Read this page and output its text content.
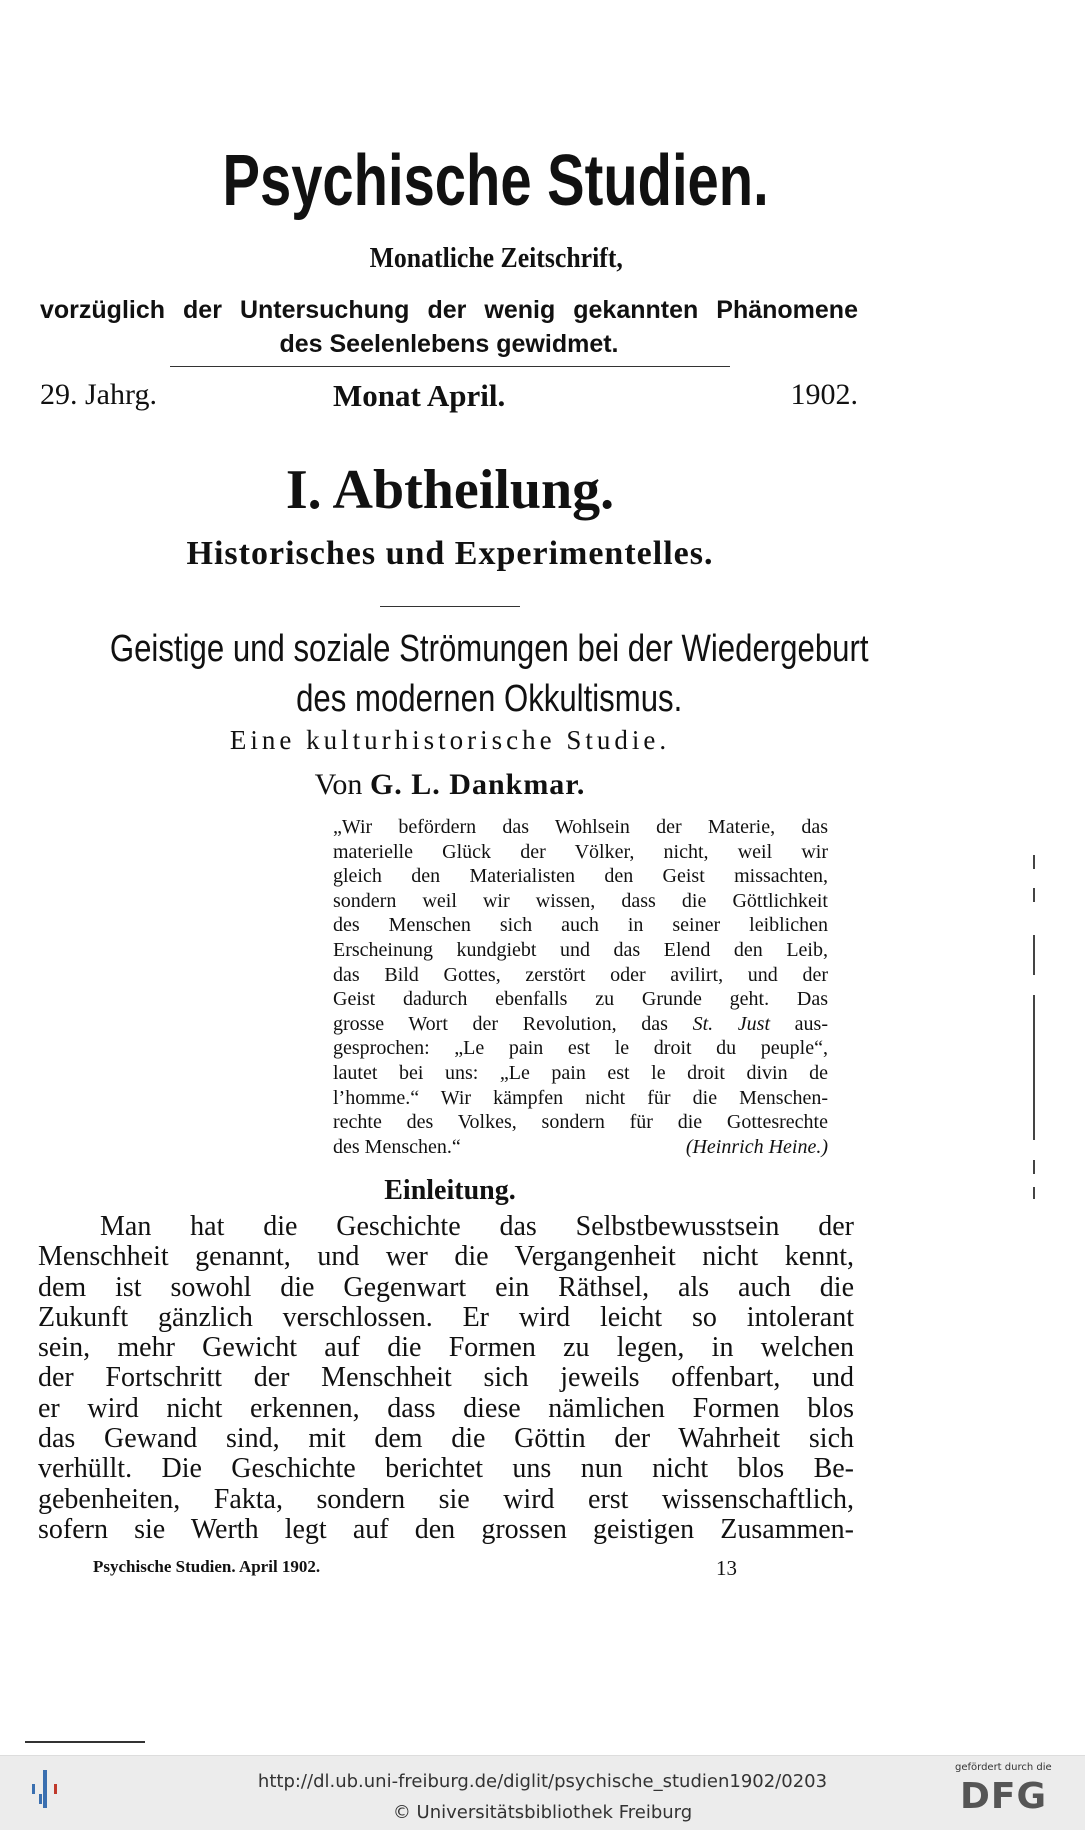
Psychische Studien.
Monatliche Zeitschrift,
vorzüglich der Untersuchung der wenig gekannten Phänomene
des Seelenlebens gewidmet.
29. Jahrg.	Monat April.	1902.
I. Abtheilung.
Historisches und Experimentelles.
Geistige und soziale Strömungen bei der Wiedergeburt
des modernen Okkultismus.
Eine kulturhistorische Studie.
Von G. L. Dankmar.
„Wir befördern das Wohlsein der Materie, das
materielle Glück der Völker, nicht, weil wir
gleich den Materialisten den Geist missachten,
sondern weil wir wissen, dass die Göttlichkeit
des Menschen sich auch in seiner leiblichen
Erscheinung kundgiebt und das Elend den Leib,
das Bild Gottes, zerstört oder avilirt, und der
Geist dadurch ebenfalls zu Grunde geht. Das
grosse Wort der Revolution, das St. Just aus-
gesprochen: „Le pain est le droit du peuple“,
lautet bei uns: „Le pain est le droit divin de
l’homme.“ Wir kämpfen nicht für die Menschen-
rechte des Volkes, sondern für die Gottesrechte
des Menschen.“	(Heinrich Heine.)
Einleitung.
Man hat die Geschichte das Selbstbewusstsein der
Menschheit genannt, und wer die Vergangenheit nicht kennt,
dem ist sowohl die Gegenwart ein Räthsel, als auch die
Zukunft gänzlich verschlossen. Er wird leicht so intolerant
sein, mehr Gewicht auf die Formen zu legen, in welchen
der Fortschritt der Menschheit sich jeweils offenbart, und
er wird nicht erkennen, dass diese nämlichen Formen blos
das Gewand sind, mit dem die Göttin der Wahrheit sich
verhüllt. Die Geschichte berichtet uns nun nicht blos Be-
gebenheiten, Fakta, sondern sie wird erst wissenschaftlich,
sofern sie Werth legt auf den grossen geistigen Zusammen-
Psychische Studien. April 1902.	13
http://dl.ub.uni-freiburg.de/diglit/psychische_studien1902/0203
© Universitätsbibliothek Freiburg
gefördert durch die
DFG
